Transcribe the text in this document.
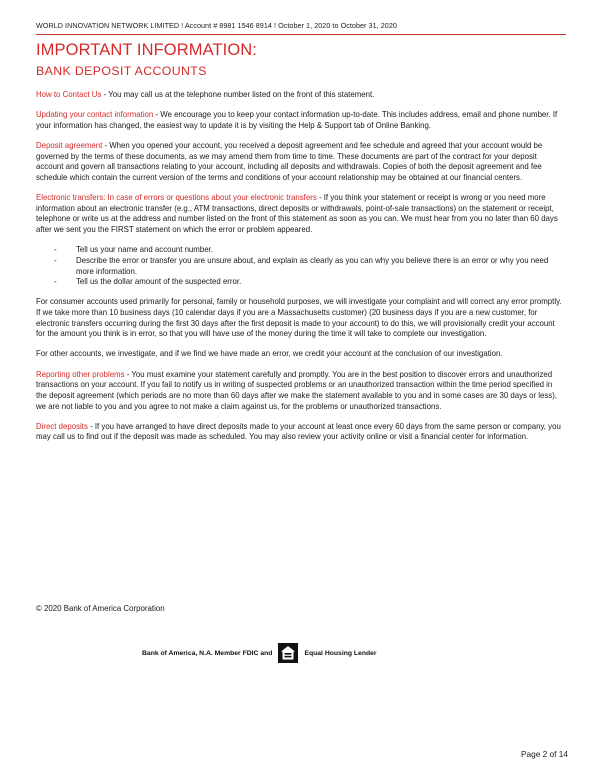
WORLD INNOVATION NETWORK LIMITED ! Account # 8981 1546 8914 ! October 1, 2020 to October 31, 2020
IMPORTANT INFORMATION:
BANK DEPOSIT ACCOUNTS

How to Contact Us - You may call us at the telephone number listed on the front of this statement.

Updating your contact information - We encourage you to keep your contact information up-to-date. This includes address, email and phone number. If your information has changed, the easiest way to update it is by visiting the Help & Support tab of Online Banking.

Deposit agreement - When you opened your account, you received a deposit agreement and fee schedule and agreed that your account would be governed by the terms of these documents, as we may amend them from time to time. These documents are part of the contract for your deposit account and govern all transactions relating to your account, including all deposits and withdrawals. Copies of both the deposit agreement and fee schedule which contain the current version of the terms and conditions of your account relationship may be obtained at our financial centers.

Electronic transfers: In case of errors or questions about your electronic transfers - If you think your statement or receipt is wrong or you need more information about an electronic transfer (e.g., ATM transactions, direct deposits or withdrawals, point-of-sale transactions) on the statement or receipt, telephone or write us at the address and number listed on the front of this statement as soon as you can. We must hear from you no later than 60 days after we sent you the FIRST statement on which the error or problem appeared.

- Tell us your name and account number.
- Describe the error or transfer you are unsure about, and explain as clearly as you can why you believe there is an error or why you need more information.
- Tell us the dollar amount of the suspected error.

For consumer accounts used primarily for personal, family or household purposes, we will investigate your complaint and will correct any error promptly. If we take more than 10 business days (10 calendar days if you are a Massachusetts customer) (20 business days if you are a new customer, for electronic transfers occurring during the first 30 days after the first deposit is made to your account) to do this, we will provisionally credit your account for the amount you think is in error, so that you will have use of the money during the time it will take to complete our investigation.

For other accounts, we investigate, and if we find we have made an error, we credit your account at the conclusion of our investigation.

Reporting other problems - You must examine your statement carefully and promptly. You are in the best position to discover errors and unauthorized transactions on your account. If you fail to notify us in writing of suspected problems or an unauthorized transaction within the time period specified in the deposit agreement (which periods are no more than 60 days after we make the statement available to you and in some cases are 30 days or less), we are not liable to you and you agree to not make a claim against us, for the problems or unauthorized transactions.

Direct deposits - If you have arranged to have direct deposits made to your account at least once every 60 days from the same person or company, you may call us to find out if the deposit was made as scheduled. You may also review your activity online or visit a financial center for information.

© 2020 Bank of America Corporation
Bank of America, N.A. Member FDIC and	Equal Housing Lender
Page 2 of 14
